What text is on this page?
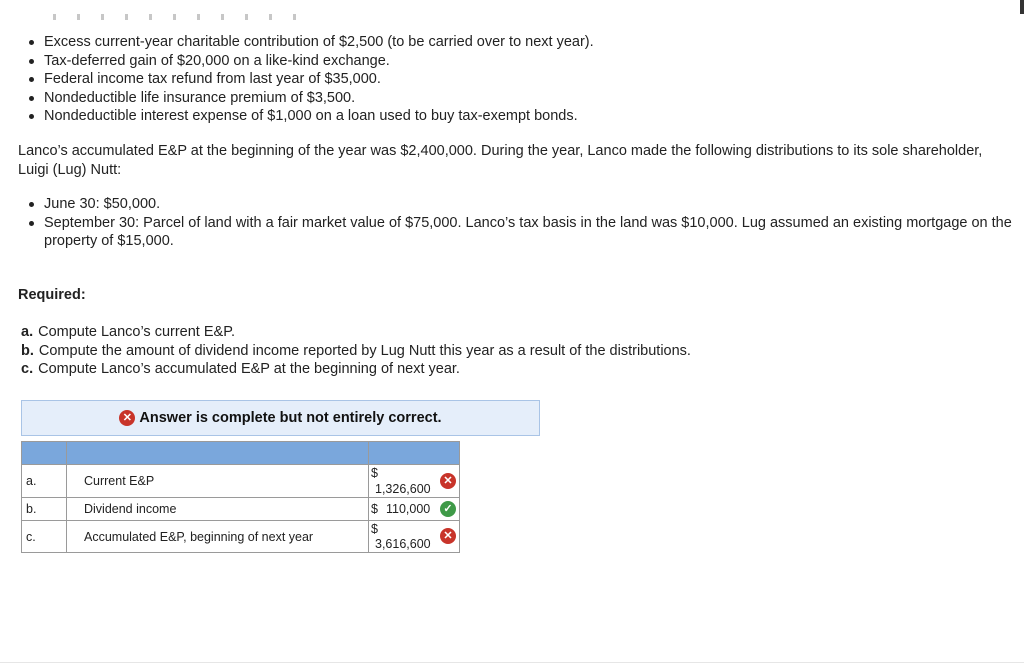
Excess current-year charitable contribution of $2,500 (to be carried over to next year).
Tax-deferred gain of $20,000 on a like-kind exchange.
Federal income tax refund from last year of $35,000.
Nondeductible life insurance premium of $3,500.
Nondeductible interest expense of $1,000 on a loan used to buy tax-exempt bonds.
Lanco’s accumulated E&P at the beginning of the year was $2,400,000. During the year, Lanco made the following distributions to its sole shareholder, Luigi (Lug) Nutt:
June 30: $50,000.
September 30: Parcel of land with a fair market value of $75,000. Lanco’s tax basis in the land was $10,000. Lug assumed an existing mortgage on the property of $15,000.
Required:
a. Compute Lanco’s current E&P.
b. Compute the amount of dividend income reported by Lug Nutt this year as a result of the distributions.
c. Compute Lanco’s accumulated E&P at the beginning of next year.
✕ Answer is complete but not entirely correct.

a.	Current E&P	$
1,326,600
✕

b.	Dividend income	$ 110,000 ✓

c.	Accumulated E&P, beginning of next year	$
3,616,600
✕
